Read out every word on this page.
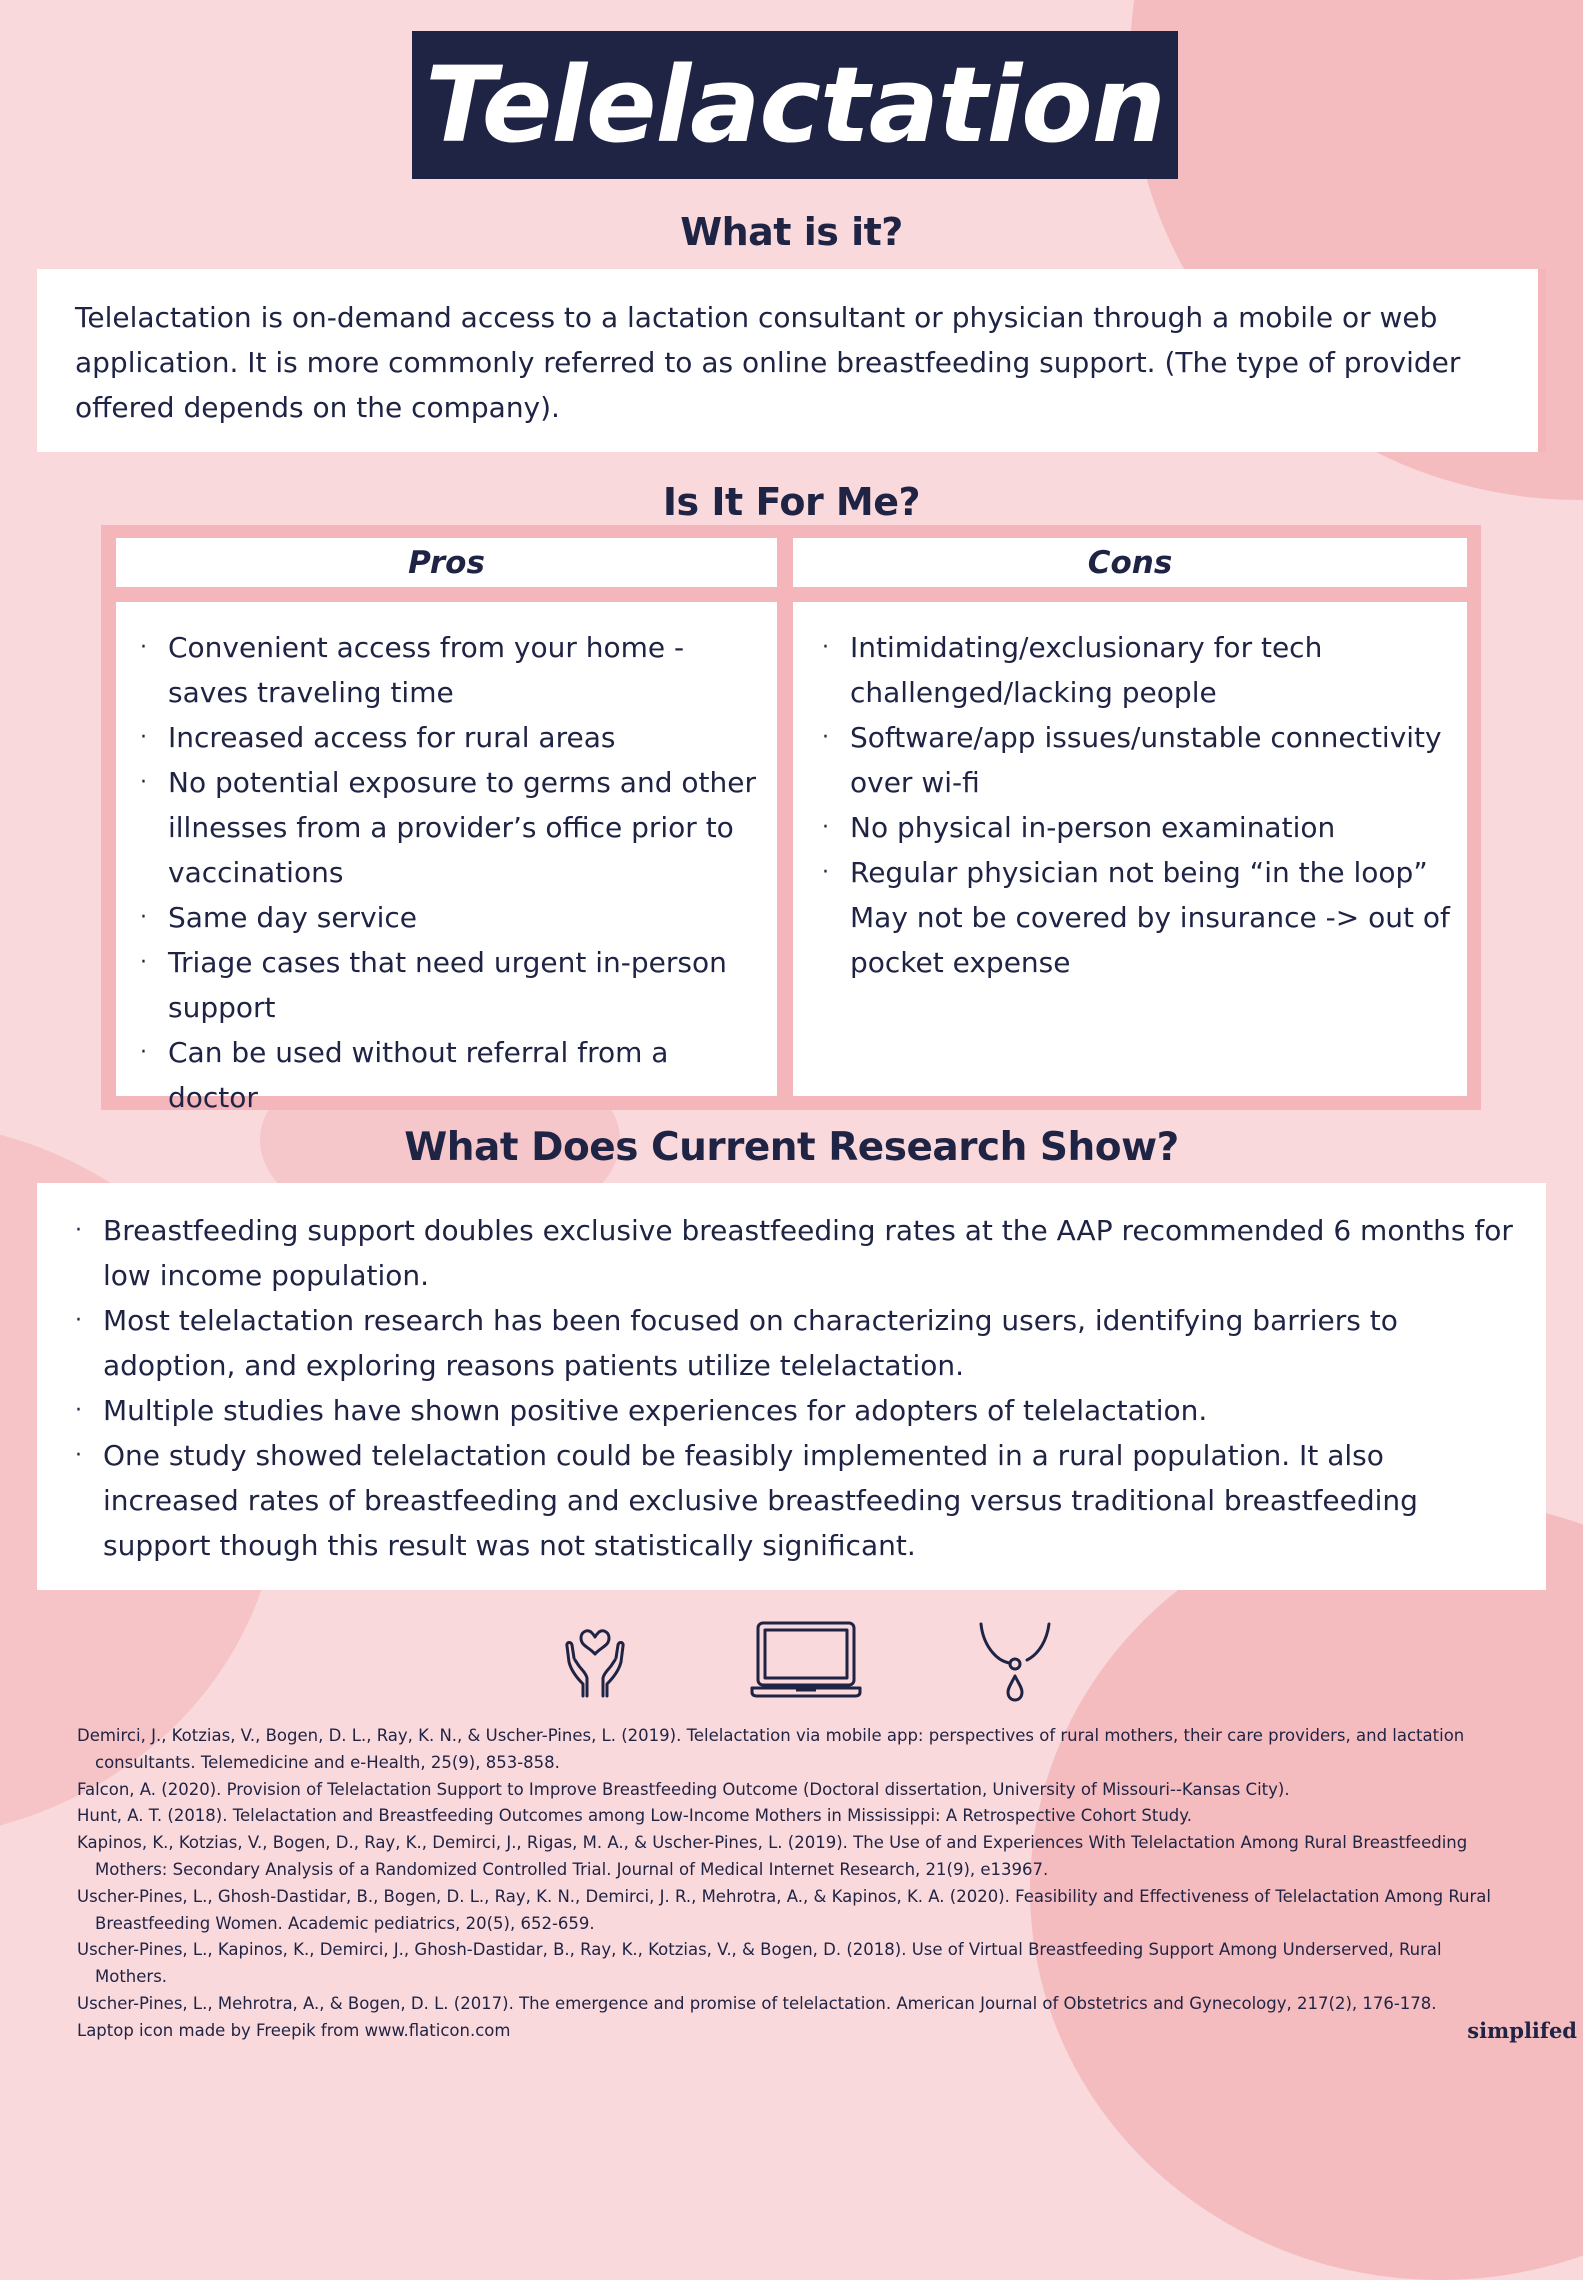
Telelactation
What is it?
Telelactation is on-demand access to a lactation consultant or physician through a mobile or web application. It is more commonly referred to as online breastfeeding support. (The type of provider offered depends on the company).
Is It For Me?
Pros	Cons
· Convenient access from your home - saves traveling time
· Increased access for rural areas
· No potential exposure to germs and other illnesses from a provider’s office prior to vaccinations
· Same day service
· Triage cases that need urgent in-person support
· Can be used without referral from a doctor
· Intimidating/exclusionary for tech challenged/lacking people
· Software/app issues/unstable connectivity over wi-fi
· No physical in-person examination
· Regular physician not being “in the loop” May not be covered by insurance -> out of pocket expense
What Does Current Research Show?
· Breastfeeding support doubles exclusive breastfeeding rates at the AAP recommended 6 months for low income population.
· Most telelactation research has been focused on characterizing users, identifying barriers to adoption, and exploring reasons patients utilize telelactation.
· Multiple studies have shown positive experiences for adopters of telelactation.
· One study showed telelactation could be feasibly implemented in a rural population. It also increased rates of breastfeeding and exclusive breastfeeding versus traditional breastfeeding support though this result was not statistically significant.

Demirci, J., Kotzias, V., Bogen, D. L., Ray, K. N., & Uscher-Pines, L. (2019). Telelactation via mobile app: perspectives of rural mothers, their care providers, and lactation consultants. Telemedicine and e-Health, 25(9), 853-858.

Falcon, A. (2020). Provision of Telelactation Support to Improve Breastfeeding Outcome (Doctoral dissertation, University of Missouri--Kansas City).

Hunt, A. T. (2018). Telelactation and Breastfeeding Outcomes among Low-Income Mothers in Mississippi: A Retrospective Cohort Study.

Kapinos, K., Kotzias, V., Bogen, D., Ray, K., Demirci, J., Rigas, M. A., & Uscher-Pines, L. (2019). The Use of and Experiences With Telelactation Among Rural Breastfeeding Mothers: Secondary Analysis of a Randomized Controlled Trial. Journal of Medical Internet Research, 21(9), e13967.

Uscher-Pines, L., Ghosh-Dastidar, B., Bogen, D. L., Ray, K. N., Demirci, J. R., Mehrotra, A., & Kapinos, K. A. (2020). Feasibility and Effectiveness of Telelactation Among Rural Breastfeeding Women. Academic pediatrics, 20(5), 652-659.

Uscher-Pines, L., Kapinos, K., Demirci, J., Ghosh-Dastidar, B., Ray, K., Kotzias, V., & Bogen, D. (2018). Use of Virtual Breastfeeding Support Among Underserved, Rural Mothers.

Uscher-Pines, L., Mehrotra, A., & Bogen, D. L. (2017). The emergence and promise of telelactation. American Journal of Obstetrics and Gynecology, 217(2), 176-178.

Laptop icon made by Freepik from www.flaticon.com	simplifed
